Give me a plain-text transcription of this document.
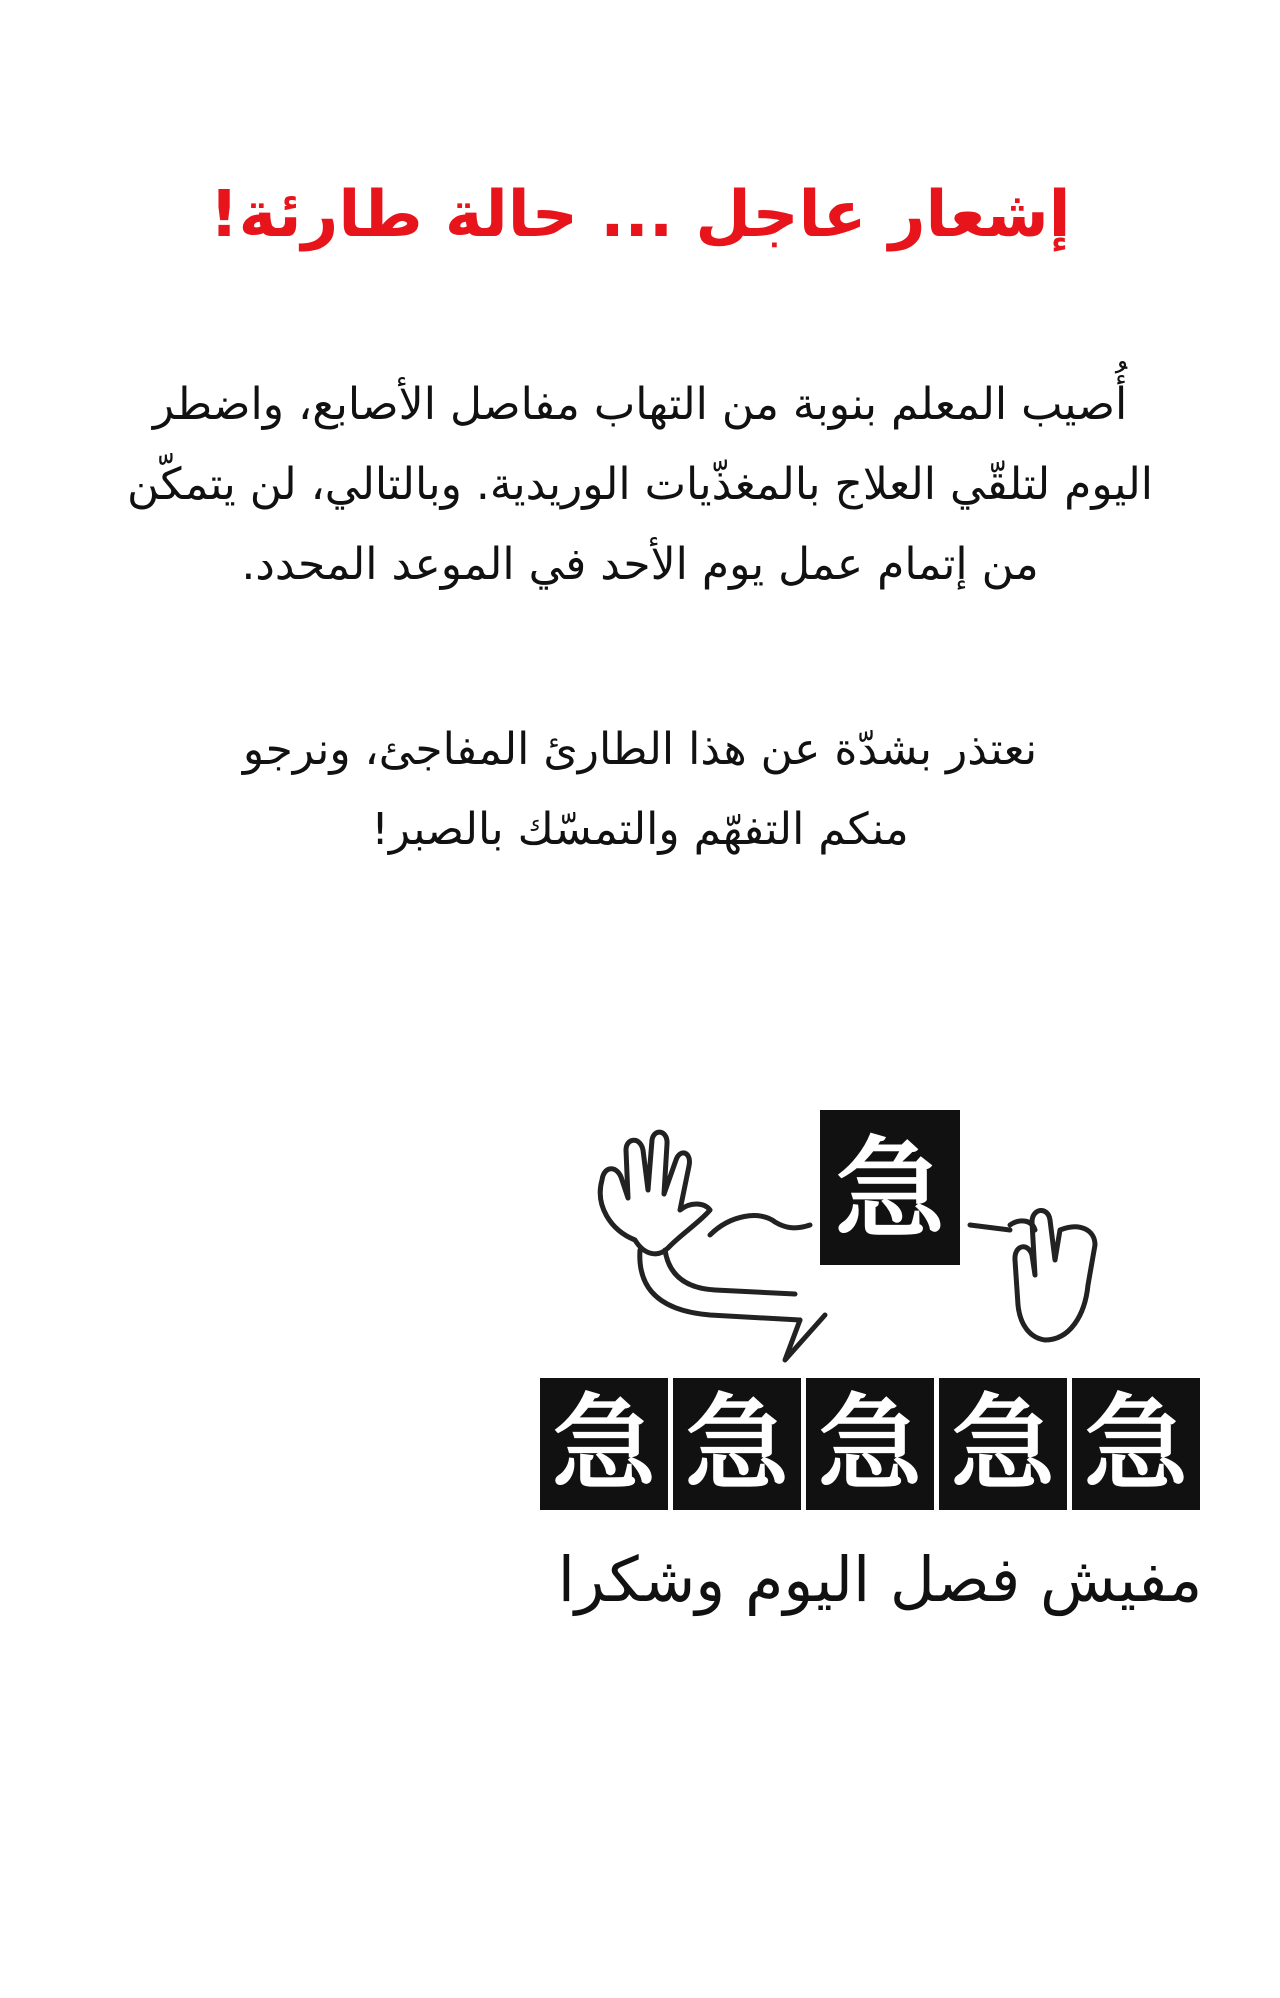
إشعار عاجل ... حالة طارئة!
أُصيب المعلم بنوبة من التهاب مفاصل الأصابع، واضطر
اليوم لتلقّي العلاج بالمغذّيات الوريدية. وبالتالي، لن يتمكّن
من إتمام عمل يوم الأحد في الموعد المحدد.
نعتذر بشدّة عن هذا الطارئ المفاجئ، ونرجو
منكم التفهّم والتمسّك بالصبر!
急
急 急 急 急 急
مفيش فصل اليوم وشكرا
